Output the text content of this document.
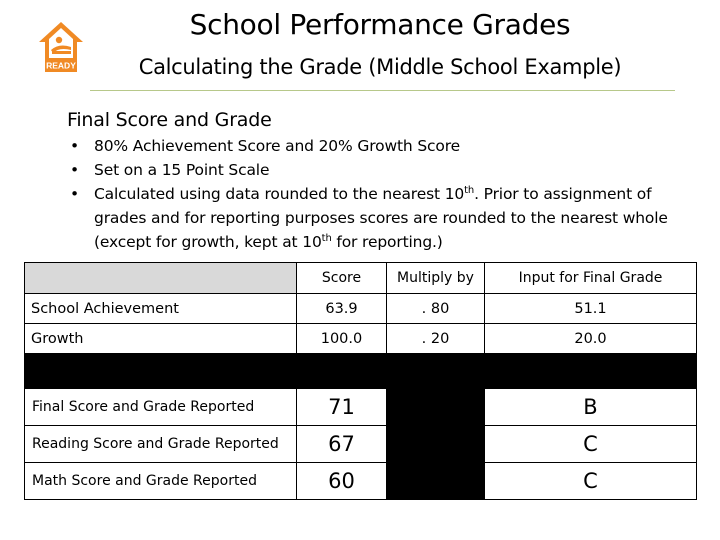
READY
School Performance Grades
Calculating the Grade (Middle School Example)
Final Score and Grade
• 80% Achievement Score and 20% Growth Score
• Set on a 15 Point Scale
• Calculated using data rounded to the nearest 10th. Prior to assignment of grades and for reporting purposes scores are rounded to the nearest whole (except for growth, kept at 10th for reporting.)
	Score	Multiply by	Input for Final Grade
School Achievement	63.9	. 80	51.1
Growth	100.0	. 20	20.0

Final Score and Grade Reported	71		B
Reading Score and Grade Reported	67		C
Math Score and Grade Reported	60		C
